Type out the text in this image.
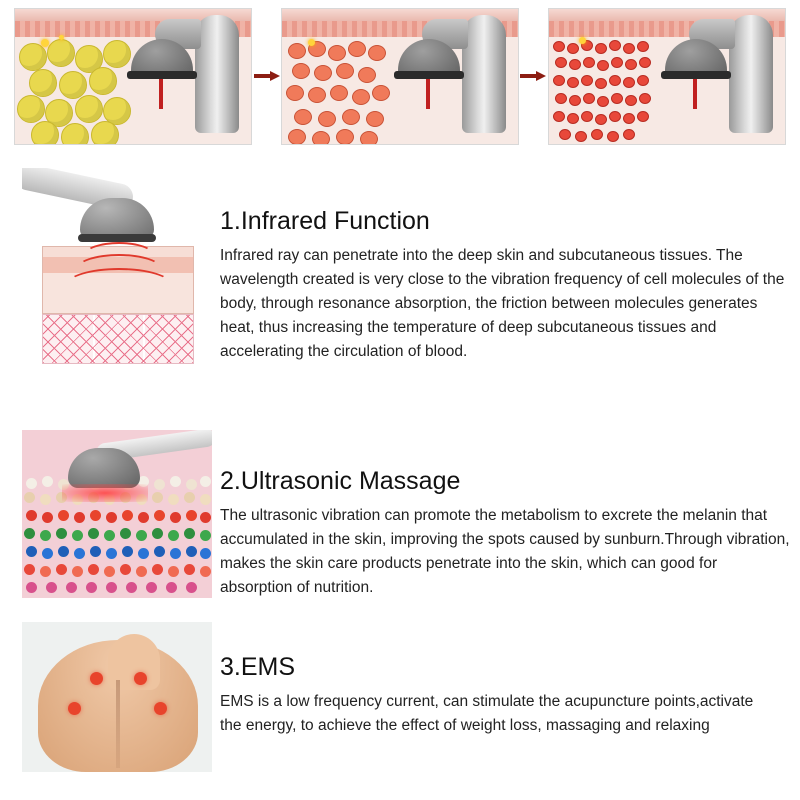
1.Infrared Function

Infrared ray can penetrate into the deep skin and subcutaneous tissues. The wavelength created is very close to the vibration frequency of cell molecules of the body, through resonance absorption, the friction between molecules generates heat, thus increasing the temperature of deep subcutaneous tissues and accelerating the circulation of blood.

2.Ultrasonic Massage

The ultrasonic vibration can promote the metabolism to excrete the melanin that accumulated in the skin, improving the spots caused by sunburn.Through vibration, makes the skin care products penetrate into the skin, which can good for absorption of nutrition.

3.EMS

EMS is a low frequency current, can stimulate the acupuncture points,activate the energy, to achieve the effect of weight loss, massaging and relaxing
